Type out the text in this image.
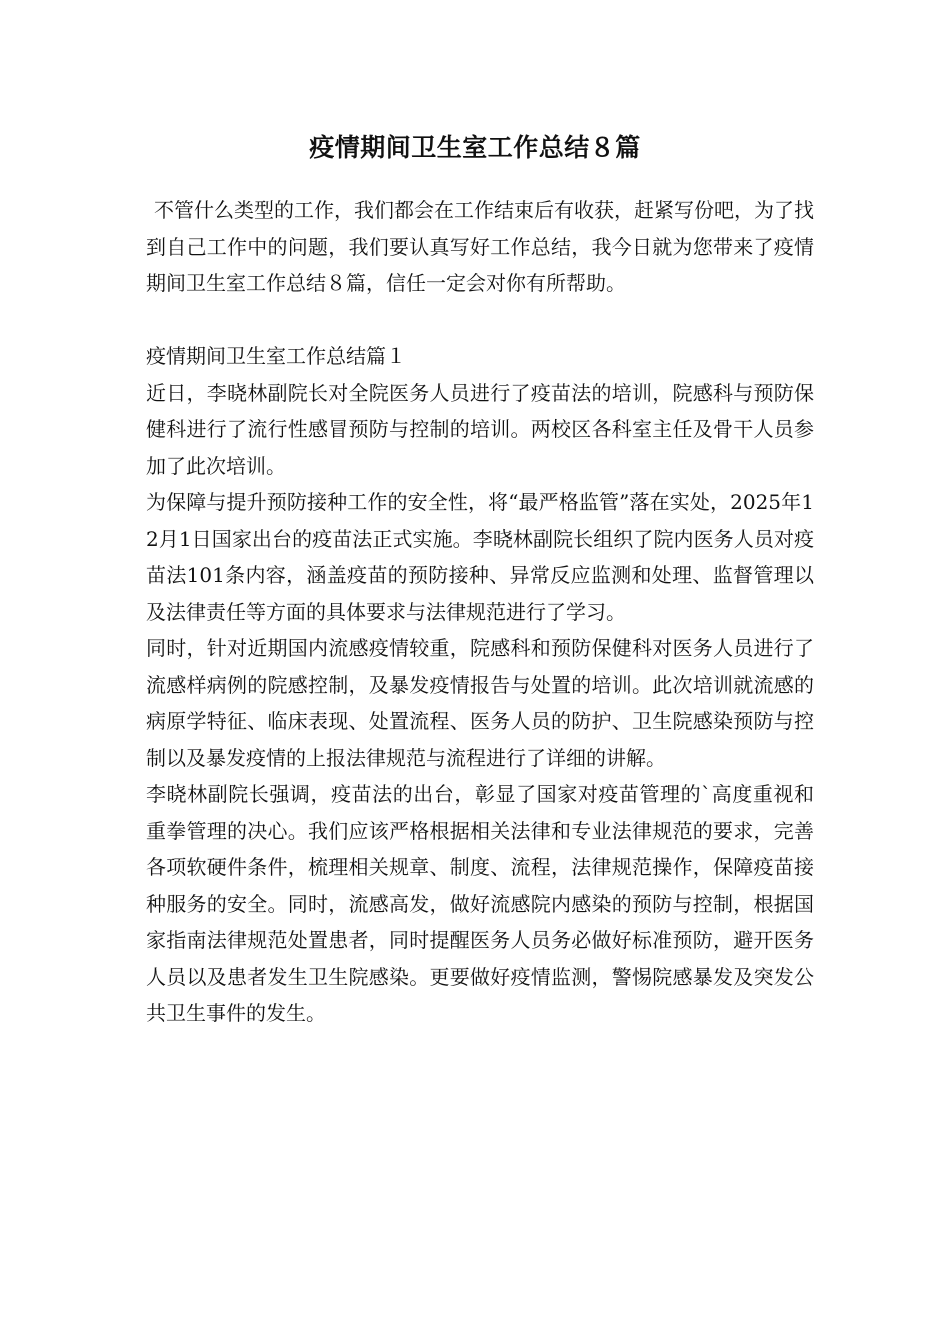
疫情期间卫生室工作总结８篇

不管什么类型的工作，我们都会在工作结束后有收获，赶紧写份吧，为了找到自己工作中的问题，我们要认真写好工作总结，我今日就为您带来了疫情期间卫生室工作总结８篇，信任一定会对你有所帮助。

疫情期间卫生室工作总结篇１

近日，李晓林副院长对全院医务人员进行了疫苗法的培训，院感科与预防保健科进行了流行性感冒预防与控制的培训。两校区各科室主任及骨干人员参加了此次培训。

为保障与提升预防接种工作的安全性，将“最严格监管”落在实处，2025年12月1日国家出台的疫苗法正式实施。李晓林副院长组织了院内医务人员对疫苗法101条内容，涵盖疫苗的预防接种、异常反应监测和处理、监督管理以及法律责任等方面的具体要求与法律规范进行了学习。

同时，针对近期国内流感疫情较重，院感科和预防保健科对医务人员进行了流感样病例的院感控制，及暴发疫情报告与处置的培训。此次培训就流感的病原学特征、临床表现、处置流程、医务人员的防护、卫生院感染预防与控制以及暴发疫情的上报法律规范与流程进行了详细的讲解。

李晓林副院长强调，疫苗法的出台，彰显了国家对疫苗管理的`高度重视和重拳管理的决心。我们应该严格根据相关法律和专业法律规范的要求，完善各项软硬件条件，梳理相关规章、制度、流程，法律规范操作，保障疫苗接种服务的安全。同时，流感高发，做好流感院内感染的预防与控制，根据国家指南法律规范处置患者，同时提醒医务人员务必做好标准预防，避开医务人员以及患者发生卫生院感染。更要做好疫情监测，警惕院感暴发及突发公共卫生事件的发生。
